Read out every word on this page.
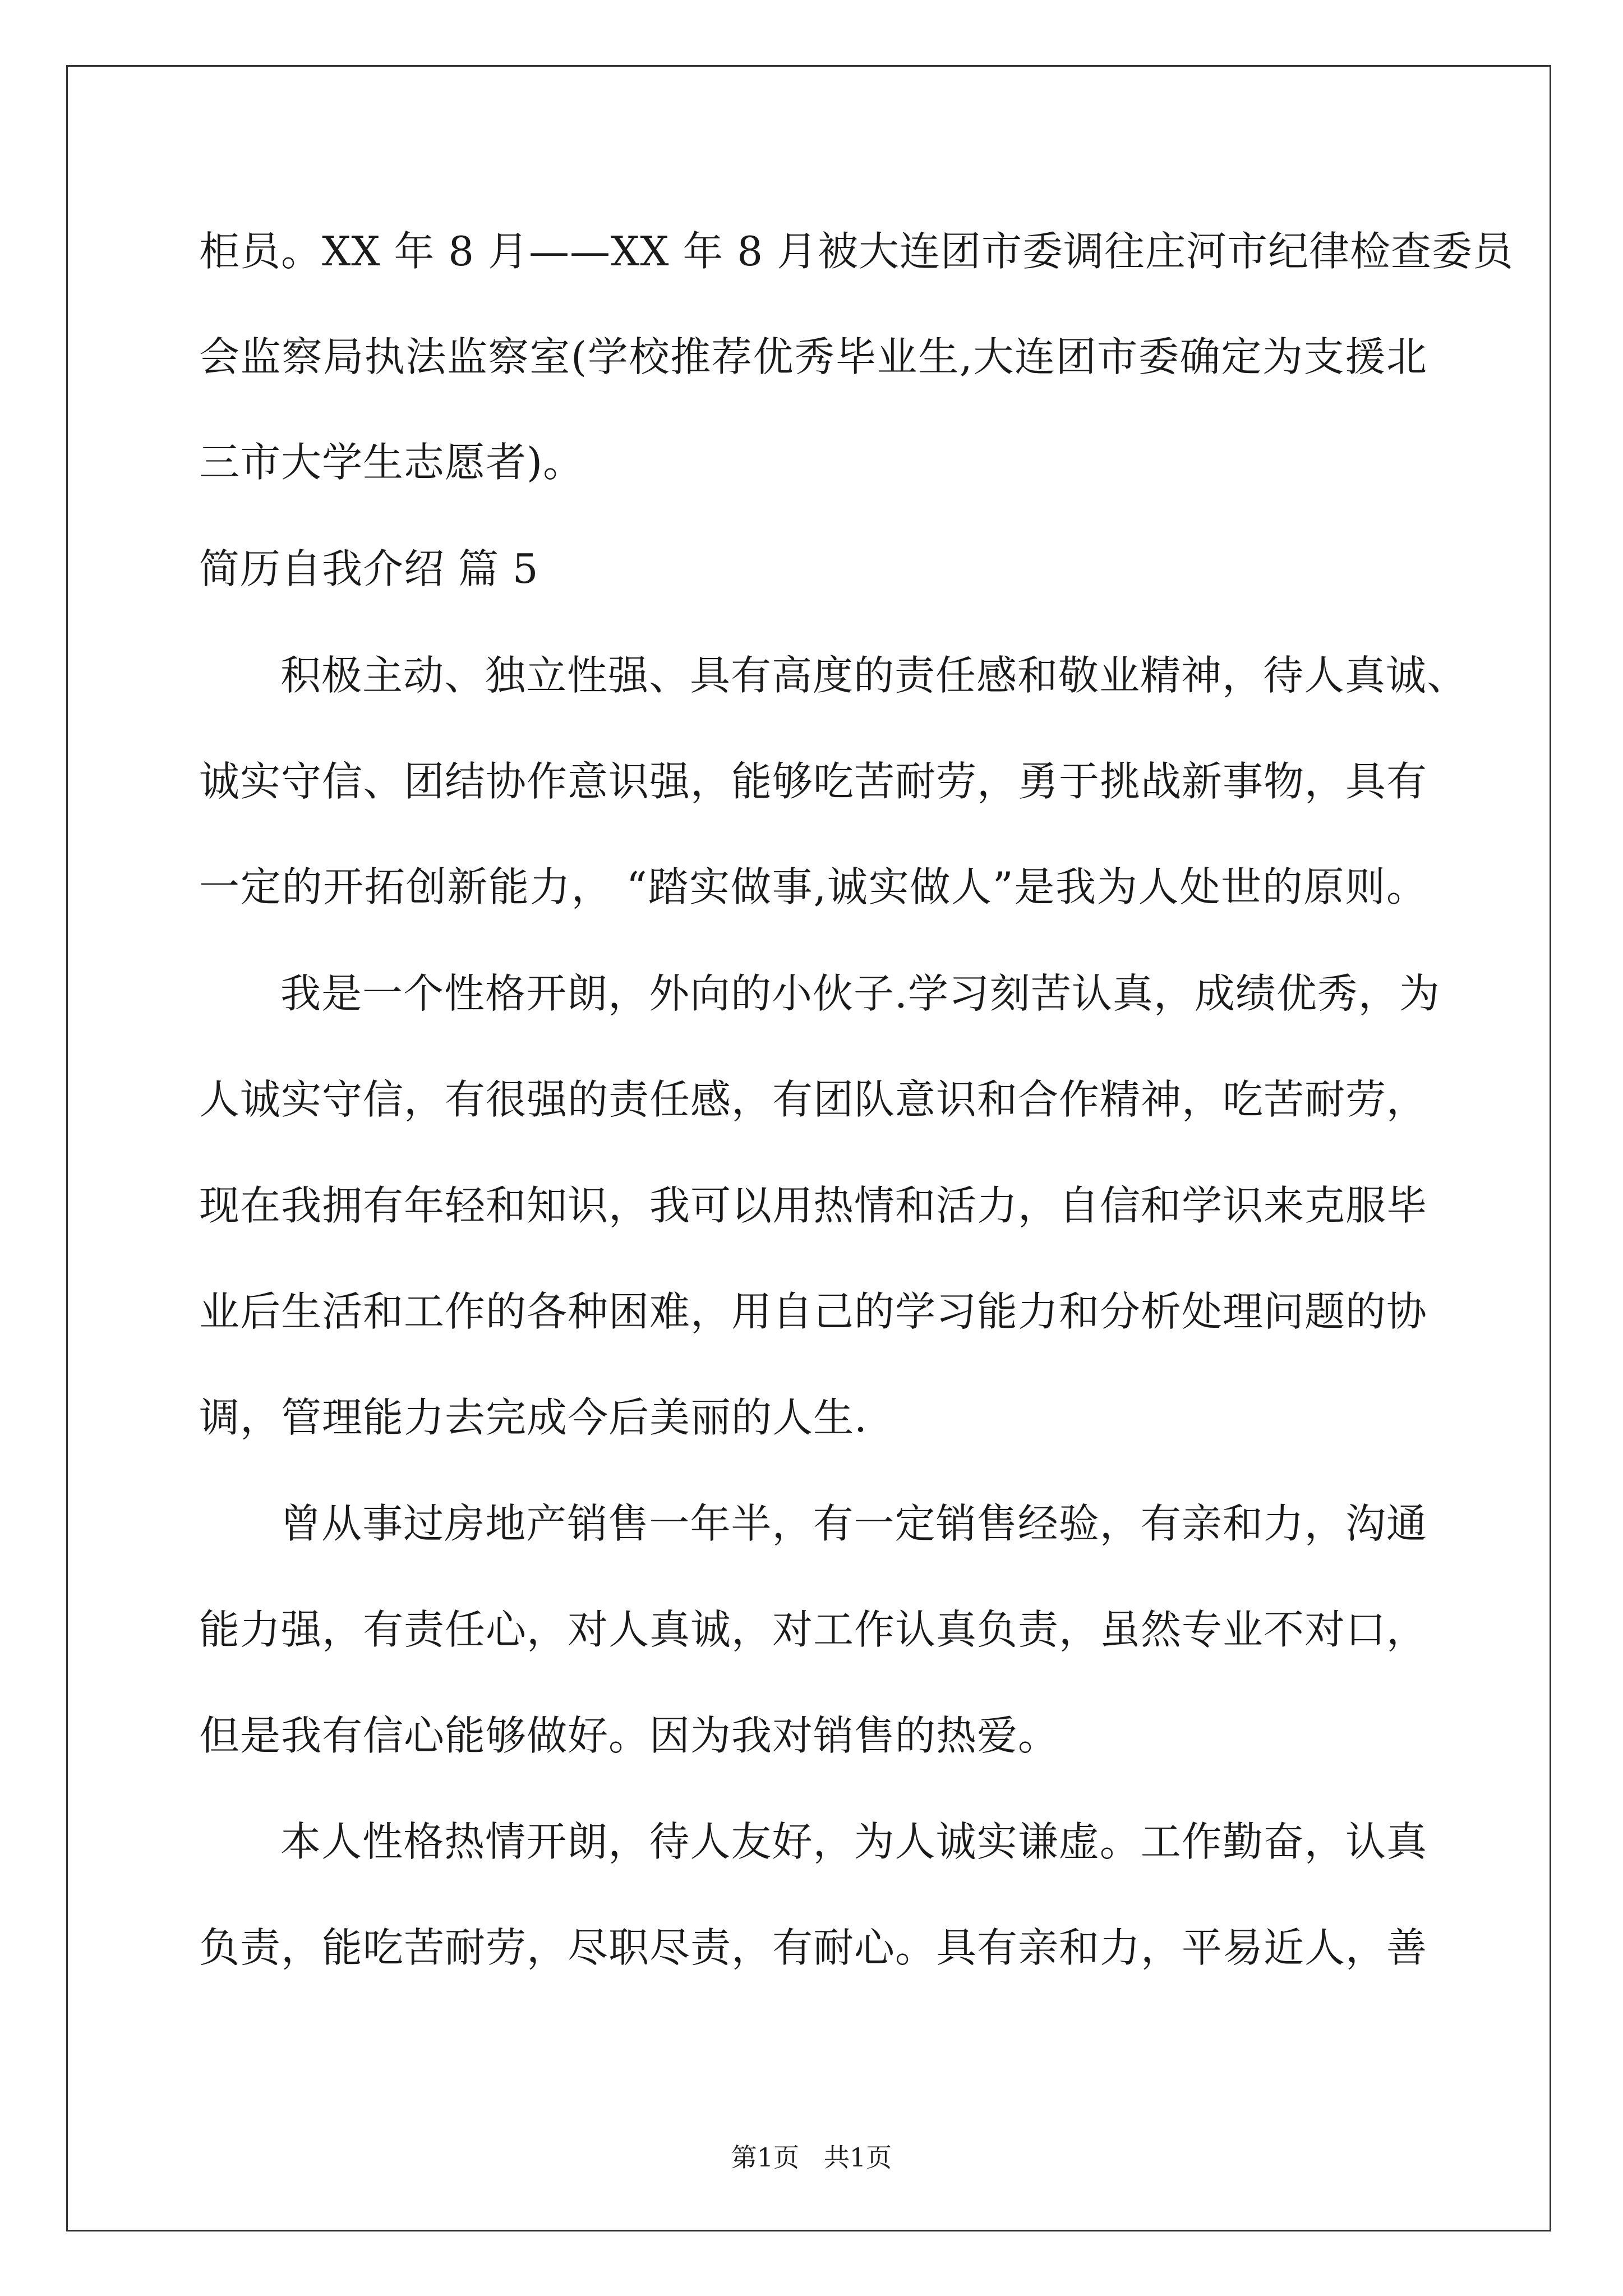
柜员。XX 年 8 月——XX 年 8 月被大连团市委调往庄河市纪律检查委员
会监察局执法监察室(学校推荐优秀毕业生,大连团市委确定为支援北
三市大学生志愿者)。
简历自我介绍 篇 5
积极主动、独立性强、具有高度的责任感和敬业精神，待人真诚、
诚实守信、团结协作意识强，能够吃苦耐劳，勇于挑战新事物，具有
一定的开拓创新能力， “踏实做事,诚实做人”是我为人处世的原则。
我是一个性格开朗，外向的小伙子.学习刻苦认真，成绩优秀，为
人诚实守信，有很强的责任感，有团队意识和合作精神，吃苦耐劳，
现在我拥有年轻和知识，我可以用热情和活力，自信和学识来克服毕
业后生活和工作的各种困难，用自己的学习能力和分析处理问题的协
调，管理能力去完成今后美丽的人生.
曾从事过房地产销售一年半，有一定销售经验，有亲和力，沟通
能力强，有责任心，对人真诚，对工作认真负责，虽然专业不对口，
但是我有信心能够做好。因为我对销售的热爱。
本人性格热情开朗，待人友好，为人诚实谦虚。工作勤奋，认真
负责，能吃苦耐劳，尽职尽责，有耐心。具有亲和力，平易近人，善
第1页   共1页
